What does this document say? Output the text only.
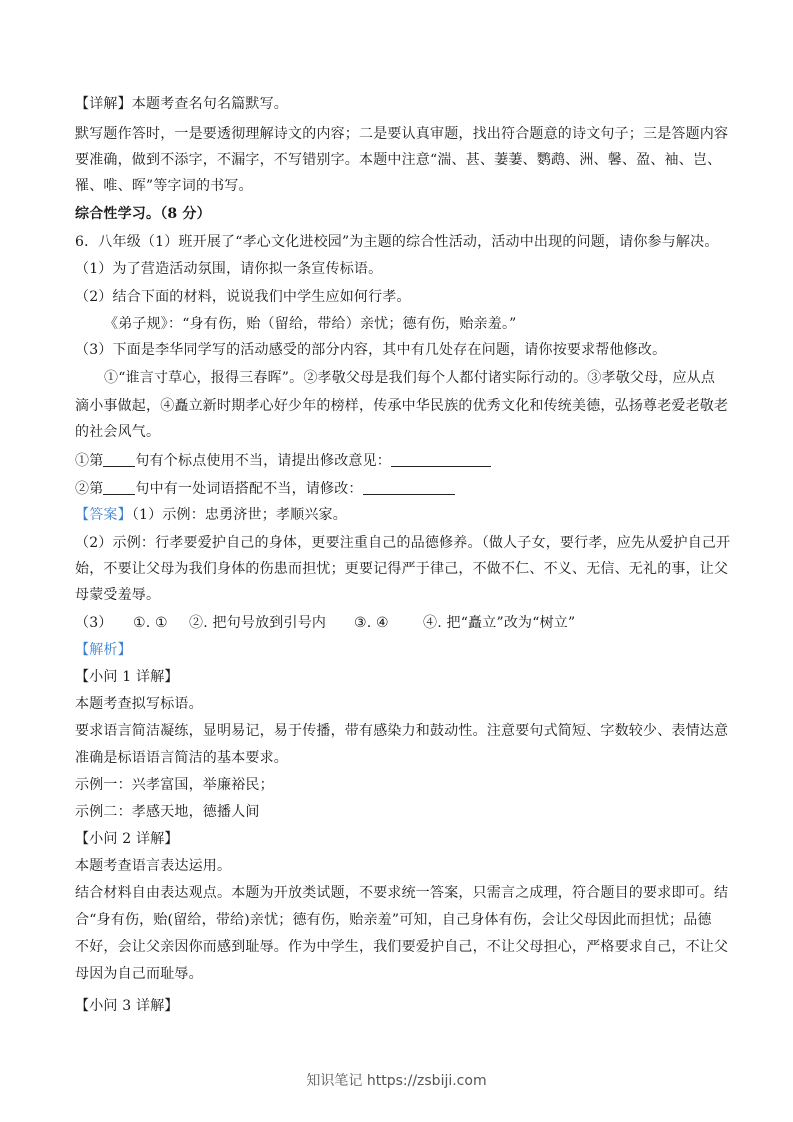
【详解】本题考查名句名篇默写。
默写题作答时，一是要透彻理解诗文的内容；二是要认真审题，找出符合题意的诗文句子；三是答题内容
要准确，做到不添字，不漏字，不写错别字。本题中注意“湍、甚、萋萋、鹦鹉、洲、馨、盈、袖、岂、
罹、唯、晖”等字词的书写。
综合性学习。（8 分）
6．八年级（1）班开展了“孝心文化进校园”为主题的综合性活动，活动中出现的问题，请你参与解决。
（1）为了营造活动氛围，请你拟一条宣传标语。
（2）结合下面的材料，说说我们中学生应如何行孝。
《弟子规》：“身有伤，贻（留给，带给）亲忧；德有伤，贻亲羞。”
（3）下面是李华同学写的活动感受的部分内容，其中有几处存在问题，请你按要求帮他修改。
①“谁言寸草心，报得三春晖”。②孝敬父母是我们每个人都付诸实际行动的。③孝敬父母，应从点
滴小事做起，④矗立新时期孝心好少年的榜样，传承中华民族的优秀文化和传统美德，弘扬尊老爱老敬老
的社会风气。
①第 句有个标点使用不当，请提出修改意见：
②第 句中有一处词语搭配不当，请修改：
【答案】（1）示例：忠勇济世；孝顺兴家。
（2）示例：行孝要爱护自己的身体，更要注重自己的品德修养。（做人子女，要行孝，应先从爱护自己开
始，不要让父母为我们身体的伤患而担忧；更要记得严于律己，不做不仁、不义、无信、无礼的事，让父
母蒙受羞辱。
（3） ①. ① ②. 把句号放到引号内 ③. ④ ④. 把“矗立”改为“树立”
【解析】
【小问 1 详解】
本题考查拟写标语。
要求语言简洁凝练，显明易记，易于传播，带有感染力和鼓动性。注意要句式简短、字数较少、表情达意
准确是标语语言简洁的基本要求。
示例一：兴孝富国，举廉裕民；
示例二：孝感天地，德播人间
【小问 2 详解】
本题考查语言表达运用。
结合材料自由表达观点。本题为开放类试题，不要求统一答案，只需言之成理，符合题目的要求即可。结
合“身有伤，贻(留给，带给)亲忧；德有伤，贻亲羞”可知，自己身体有伤，会让父母因此而担忧；品德
不好，会让父亲因你而感到耻辱。作为中学生，我们要爱护自己，不让父母担心，严格要求自己，不让父
母因为自己而耻辱。
【小问 3 详解】
知识笔记 https://zsbiji.com
